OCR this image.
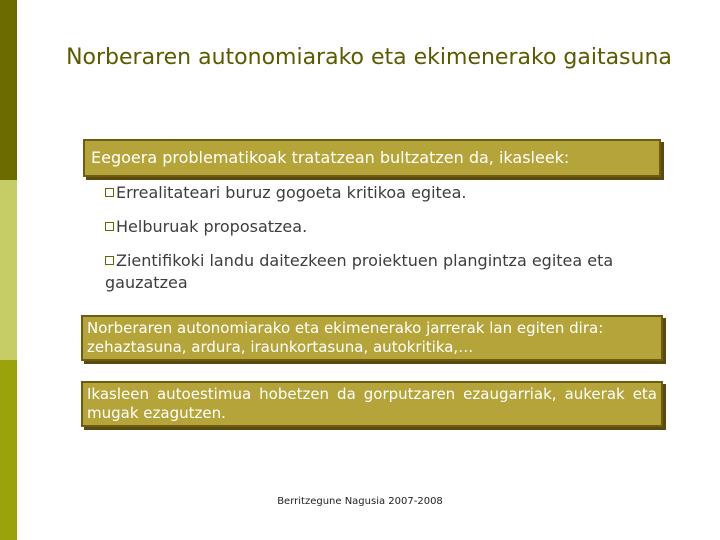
Norberaren autonomiarako eta ekimenerako gaitasuna
Eegoera problematikoak tratatzean bultzatzen da, ikasleek:
Errealitateari buruz gogoeta kritikoa egitea.
Helburuak proposatzea.
Zientifikoki landu daitezkeen proiektuen plangintza egitea eta gauzatzea
Norberaren autonomiarako eta ekimenerako jarrerak lan egiten dira: zehaztasuna, ardura, iraunkortasuna, autokritika,…
Ikasleen autoestimua hobetzen da gorputzaren ezaugarriak, aukerak eta mugak ezagutzen.
Berritzegune Nagusia 2007-2008
